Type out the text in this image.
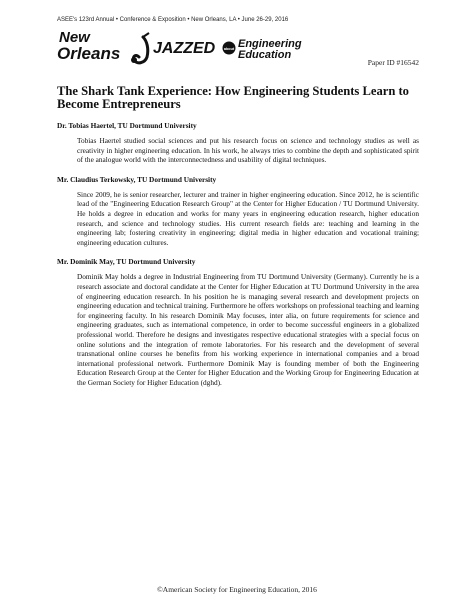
ASEE's 123rd Annual • Conference & Exposition • New Orleans, LA • June 26-29, 2016
New
Orleans JAZZED about Engineering
Education
Paper ID #16542
The Shark Tank Experience: How Engineering Students Learn to Become Entrepreneurs
Dr. Tobias Haertel, TU Dortmund University
Tobias Haertel studied social sciences and put his research focus on science and technology studies as well as creativity in higher engineering education. In his work, he always tries to combine the depth and sophisticated spirit of the analogue world with the interconnectedness and usability of digital techniques.
Mr. Claudius Terkowsky, TU Dortmund University
Since 2009, he is senior researcher, lecturer and trainer in higher engineering education. Since 2012, he is scientific lead of the "Engineering Education Research Group" at the Center for Higher Education / TU Dortmund University. He holds a degree in education and works for many years in engineering education research, higher education research, and science and technology studies. His current research fields are: teaching and learning in the engineering lab; fostering creativity in engineering; digital media in higher education and vocational training; engineering education cultures.
Mr. Dominik May, TU Dortmund University
Dominik May holds a degree in Industrial Engineering from TU Dortmund University (Germany). Currently he is a research associate and doctoral candidate at the Center for Higher Education at TU Dortmund University in the area of engineering education research. In his position he is managing several research and development projects on engineering education and technical training. Furthermore he offers workshops on professional teaching and learning for engineering faculty. In his research Dominik May focuses, inter alia, on future requirements for science and engineering graduates, such as international competence, in order to become successful engineers in a globalized professional world. Therefore he designs and investigates respective educational strategies with a special focus on online solutions and the integration of remote laboratories. For his research and the development of several transnational online courses he benefits from his working experience in international companies and a broad international professional network. Furthermore Dominik May is founding member of both the Engineering Education Research Group at the Center for Higher Education and the Working Group for Engineering Education at the German Society for Higher Education (dghd).
©American Society for Engineering Education, 2016
